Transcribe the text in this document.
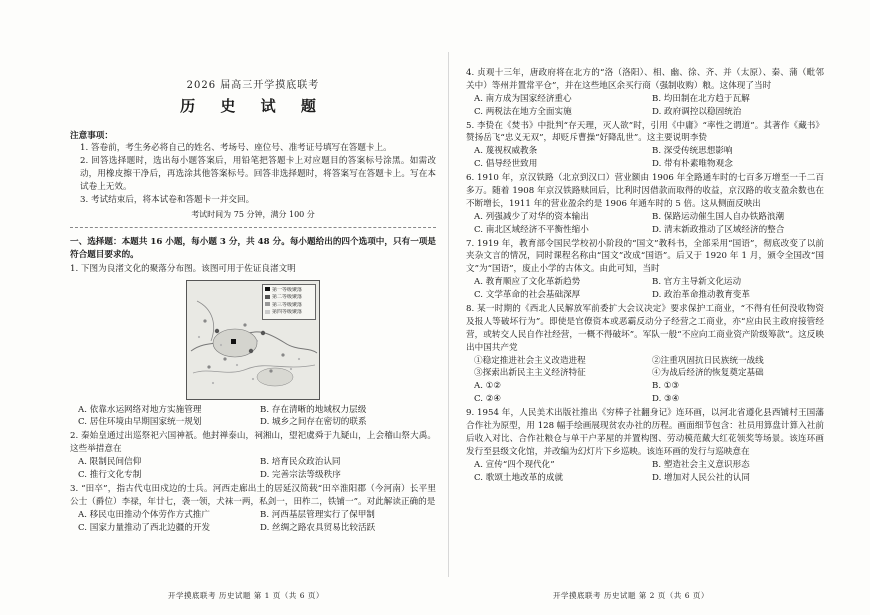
2026 届高三开学摸底联考
历 史 试 题
注意事项：
1. 答卷前，考生务必将自己的姓名、考场号、座位号、准考证号填写在答题卡上。
2. 回答选择题时，选出每小题答案后，用铅笔把答题卡上对应题目的答案标号涂黑。如需改动，用橡皮擦干净后，再选涂其他答案标号。回答非选择题时，将答案写在答题卡上。写在本试卷上无效。
3. 考试结束后，将本试卷和答题卡一并交回。
考试时间为 75 分钟，满分 100 分
一、选择题：本题共 16 小题，每小题 3 分，共 48 分。每小题给出的四个选项中，只有一项是符合题目要求的。
1. 下图为良渚文化的聚落分布图。该图可用于佐证良渚文明
第一等级聚落
第二等级聚落
第三等级聚落
第四等级聚落
A. 依靠水运网络对地方实施管理	B. 存在清晰的地域权力层级
C. 居住环境由早期国家统一规划	D. 城乡之间存在密切的联系
2. 秦始皇通过出巡祭祀六国神祇。他封禅泰山，祠湘山，望祀虞舜于九疑山，上会稽山祭大禹。这些举措意在
A. 限制民间信仰	B. 培育民众政治认同
C. 推行文化专制	D. 完善宗法等级秩序
3. “田卒”，指古代屯田戍边的士兵。河西走廊出土的居延汉简载“田卒淮阳郡（今河南）长平里公士（爵位）李禄，年廿七，袭一领，犬袜一两，私剑一，田柞二，铁铺一”。对此解读正确的是
A. 移民屯田推动个体劳作方式推广	B. 河西基层管理实行了保甲制
C. 国家力量推动了西北边疆的开发	D. 丝绸之路农具贸易比较活跃
4. 贞观十三年，唐政府将在北方的“洛（洛阳）、相、幽、徐、齐、并（太原）、秦、蒲（毗邻关中）等州并置常平仓”，并在这些地区余买行商（强制收购）粮。这体现了当时
A. 南方成为国家经济重心	B. 均田制在北方趋于瓦解
C. 两税法在地方全面实施	D. 政府调控以稳固统治
5. 李贽在《焚书》中批判“存天理，灭人欲”时，引用《中庸》“率性之谓道”。其著作《藏书》赞扬岳飞“忠义无双”，却贬斥曹操“好降乱世”。这主要说明李贽
A. 蔑视权威教条	B. 深受传统思想影响
C. 倡导经世致用	D. 带有朴素唯物观念
6. 1910 年，京汉铁路（北京到汉口）营业额由 1906 年全路通车时的七百多万增至一千二百多万。随着 1908 年京汉铁路赎回后，比利时因借款而取得的收益，京汉路的收支盈余数也在不断增长，1911 年的营业盈余约是 1906 年通车时的 5 倍。这从侧面反映出
A. 列强减少了对华的资本输出	B. 保路运动催生国人自办铁路浪潮
C. 南北区域经济不平衡性缩小	D. 清末新政推动了区域经济的整合
7. 1919 年，教育部令国民学校初小阶段的“国文”教科书，全部采用“国语”，彻底改变了以前夹杂文言的情况，同时课程名称由“国文”改成“国语”。后又于 1920 年 1 月，颁令全国改“国文”为“国语”，废止小学的古体文。由此可知，当时
A. 教育顺应了文化革新趋势	B. 官方主导新文化运动
C. 文学革命的社会基础深厚	D. 政治革命推动教育变革
8. 某一时期的《西北人民解放军前委扩大会议决定》要求保护工商业，“不得有任何没收物资及报人等破坏行为”。即使是官僚资本或恶霸反动分子经营之工商业，亦“应由民主政府接管经营，或转交人民自作社经营，一概不得破坏”。军队一般“不应向工商业资产阶级筹款”。这反映出中国共产党
①稳定推进社会主义改造进程	②注重巩固抗日民族统一战线
③探索出新民主主义经济特征	④为战后经济的恢复奠定基础
A. ①②	B. ①③
C. ②④	D. ③④
9. 1954 年，人民美术出版社推出《穷棒子社翻身记》连环画，以河北省遵化县西铺村王国藩合作社为原型，用 128 幅手绘画展现贫农办社的历程。画面细节包含：社员用算盘计算入社前后收入对比、合作社粮仓与单干户茅屋的并置构图、劳动模范戴大红花领奖等场景。该连环画发行至县级文化馆，并改编为幻灯片下乡巡映。该连环画的发行与巡映意在
A. 宣传“四个现代化”	B. 塑造社会主义意识形态
C. 歌颂土地改革的成就	D. 增加对人民公社的认同
开学摸底联考 历史试题 第 1 页（共 6 页）	开学摸底联考 历史试题 第 2 页（共 6 页）
